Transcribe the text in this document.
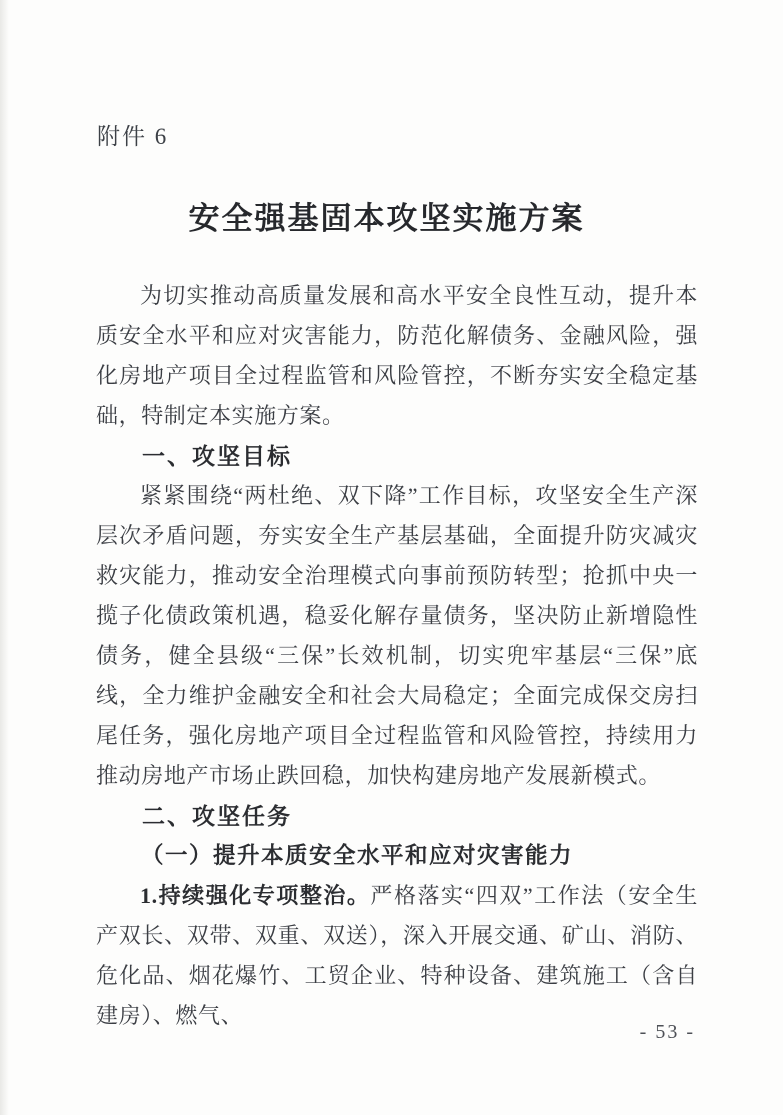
附件 6
安全强基固本攻坚实施方案

为切实推动高质量发展和高水平安全良性互动，提升本质安全水平和应对灾害能力，防范化解债务、金融风险，强化房地产项目全过程监管和风险管控，不断夯实安全稳定基础，特制定本实施方案。

一、攻坚目标

紧紧围绕“两杜绝、双下降”工作目标，攻坚安全生产深层次矛盾问题，夯实安全生产基层基础，全面提升防灾减灾救灾能力，推动安全治理模式向事前预防转型；抢抓中央一揽子化债政策机遇，稳妥化解存量债务，坚决防止新增隐性债务，健全县级“三保”长效机制，切实兜牢基层“三保”底线，全力维护金融安全和社会大局稳定；全面完成保交房扫尾任务，强化房地产项目全过程监管和风险管控，持续用力推动房地产市场止跌回稳，加快构建房地产发展新模式。

二、攻坚任务
（一）提升本质安全水平和应对灾害能力

1.持续强化专项整治。严格落实“四双”工作法（安全生产双长、双带、双重、双送），深入开展交通、矿山、消防、危化品、烟花爆竹、工贸企业、特种设备、建筑施工（含自建房）、燃气、

- 53 -
